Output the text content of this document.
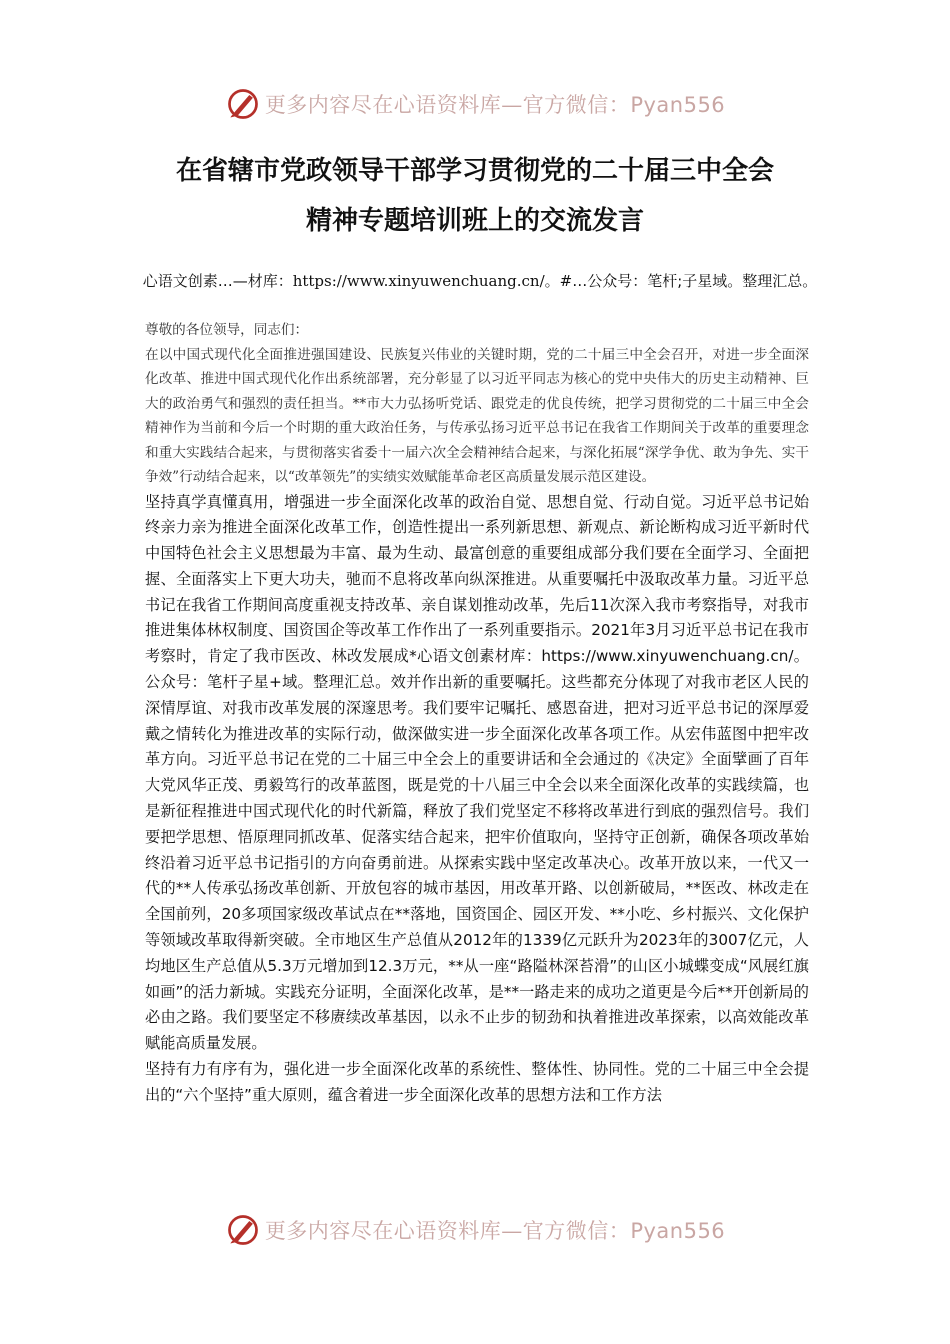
更多内容尽在心语资料库—官方微信：Pyan556
在省辖市党政领导干部学习贯彻党的二十届三中全会
精神专题培训班上的交流发言
心语文创素…—材库：https://www.xinyuwenchuang.cn/。#…公众号：笔杆;子星域。整理汇总。

尊敬的各位领导，同志们：

在以中国式现代化全面推进强国建设、民族复兴伟业的关键时期，党的二十届三中全会召开，对进一步全面深化改革、推进中国式现代化作出系统部署，充分彰显了以习近平同志为核心的党中央伟大的历史主动精神、巨大的政治勇气和强烈的责任担当。**市大力弘扬听党话、跟党走的优良传统，把学习贯彻党的二十届三中全会精神作为当前和今后一个时期的重大政治任务，与传承弘扬习近平总书记在我省工作期间关于改革的重要理念和重大实践结合起来，与贯彻落实省委十一届六次全会精神结合起来，与深化拓展“深学争优、敢为争先、实干争效”行动结合起来，以“改革领先”的实绩实效赋能革命老区高质量发展示范区建设。

坚持真学真懂真用，增强进一步全面深化改革的政治自觉、思想自觉、行动自觉。习近平总书记始终亲力亲为推进全面深化改革工作，创造性提出一系列新思想、新观点、新论断构成习近平新时代中国特色社会主义思想最为丰富、最为生动、最富创意的重要组成部分我们要在全面学习、全面把握、全面落实上下更大功夫，驰而不息将改革向纵深推进。从重要嘱托中汲取改革力量。习近平总书记在我省工作期间高度重视支持改革、亲自谋划推动改革，先后11次深入我市考察指导，对我市推进集体林权制度、国资国企等改革工作作出了一系列重要指示。2021年3月习近平总书记在我市考察时，肯定了我市医改、林改发展成*心语文创素材库：https://www.xinyuwenchuang.cn/。公众号：笔杆子星+域。整理汇总。效并作出新的重要嘱托。这些都充分体现了对我市老区人民的深情厚谊、对我市改革发展的深邃思考。我们要牢记嘱托、感恩奋进，把对习近平总书记的深厚爱戴之情转化为推进改革的实际行动，做深做实进一步全面深化改革各项工作。从宏伟蓝图中把牢改革方向。习近平总书记在党的二十届三中全会上的重要讲话和全会通过的《决定》全面擘画了百年大党风华正茂、勇毅笃行的改革蓝图，既是党的十八届三中全会以来全面深化改革的实践续篇，也是新征程推进中国式现代化的时代新篇，释放了我们党坚定不移将改革进行到底的强烈信号。我们要把学思想、悟原理同抓改革、促落实结合起来，把牢价值取向，坚持守正创新，确保各项改革始终沿着习近平总书记指引的方向奋勇前进。从探索实践中坚定改革决心。改革开放以来，一代又一代的**人传承弘扬改革创新、开放包容的城市基因，用改革开路、以创新破局，**医改、林改走在全国前列，20多项国家级改革试点在**落地，国资国企、园区开发、**小吃、乡村振兴、文化保护等领域改革取得新突破。全市地区生产总值从2012年的1339亿元跃升为2023年的3007亿元，人均地区生产总值从5.3万元增加到12.3万元，**从一座“路隘林深苔滑”的山区小城蝶变成“风展红旗如画”的活力新城。实践充分证明，全面深化改革，是**一路走来的成功之道更是今后**开创新局的必由之路。我们要坚定不移赓续改革基因，以永不止步的韧劲和执着推进改革探索，以高效能改革赋能高质量发展。

坚持有力有序有为，强化进一步全面深化改革的系统性、整体性、协同性。党的二十届三中全会提出的“六个坚持”重大原则，蕴含着进一步全面深化改革的思想方法和工作方法

更多内容尽在心语资料库—官方微信：Pyan556
